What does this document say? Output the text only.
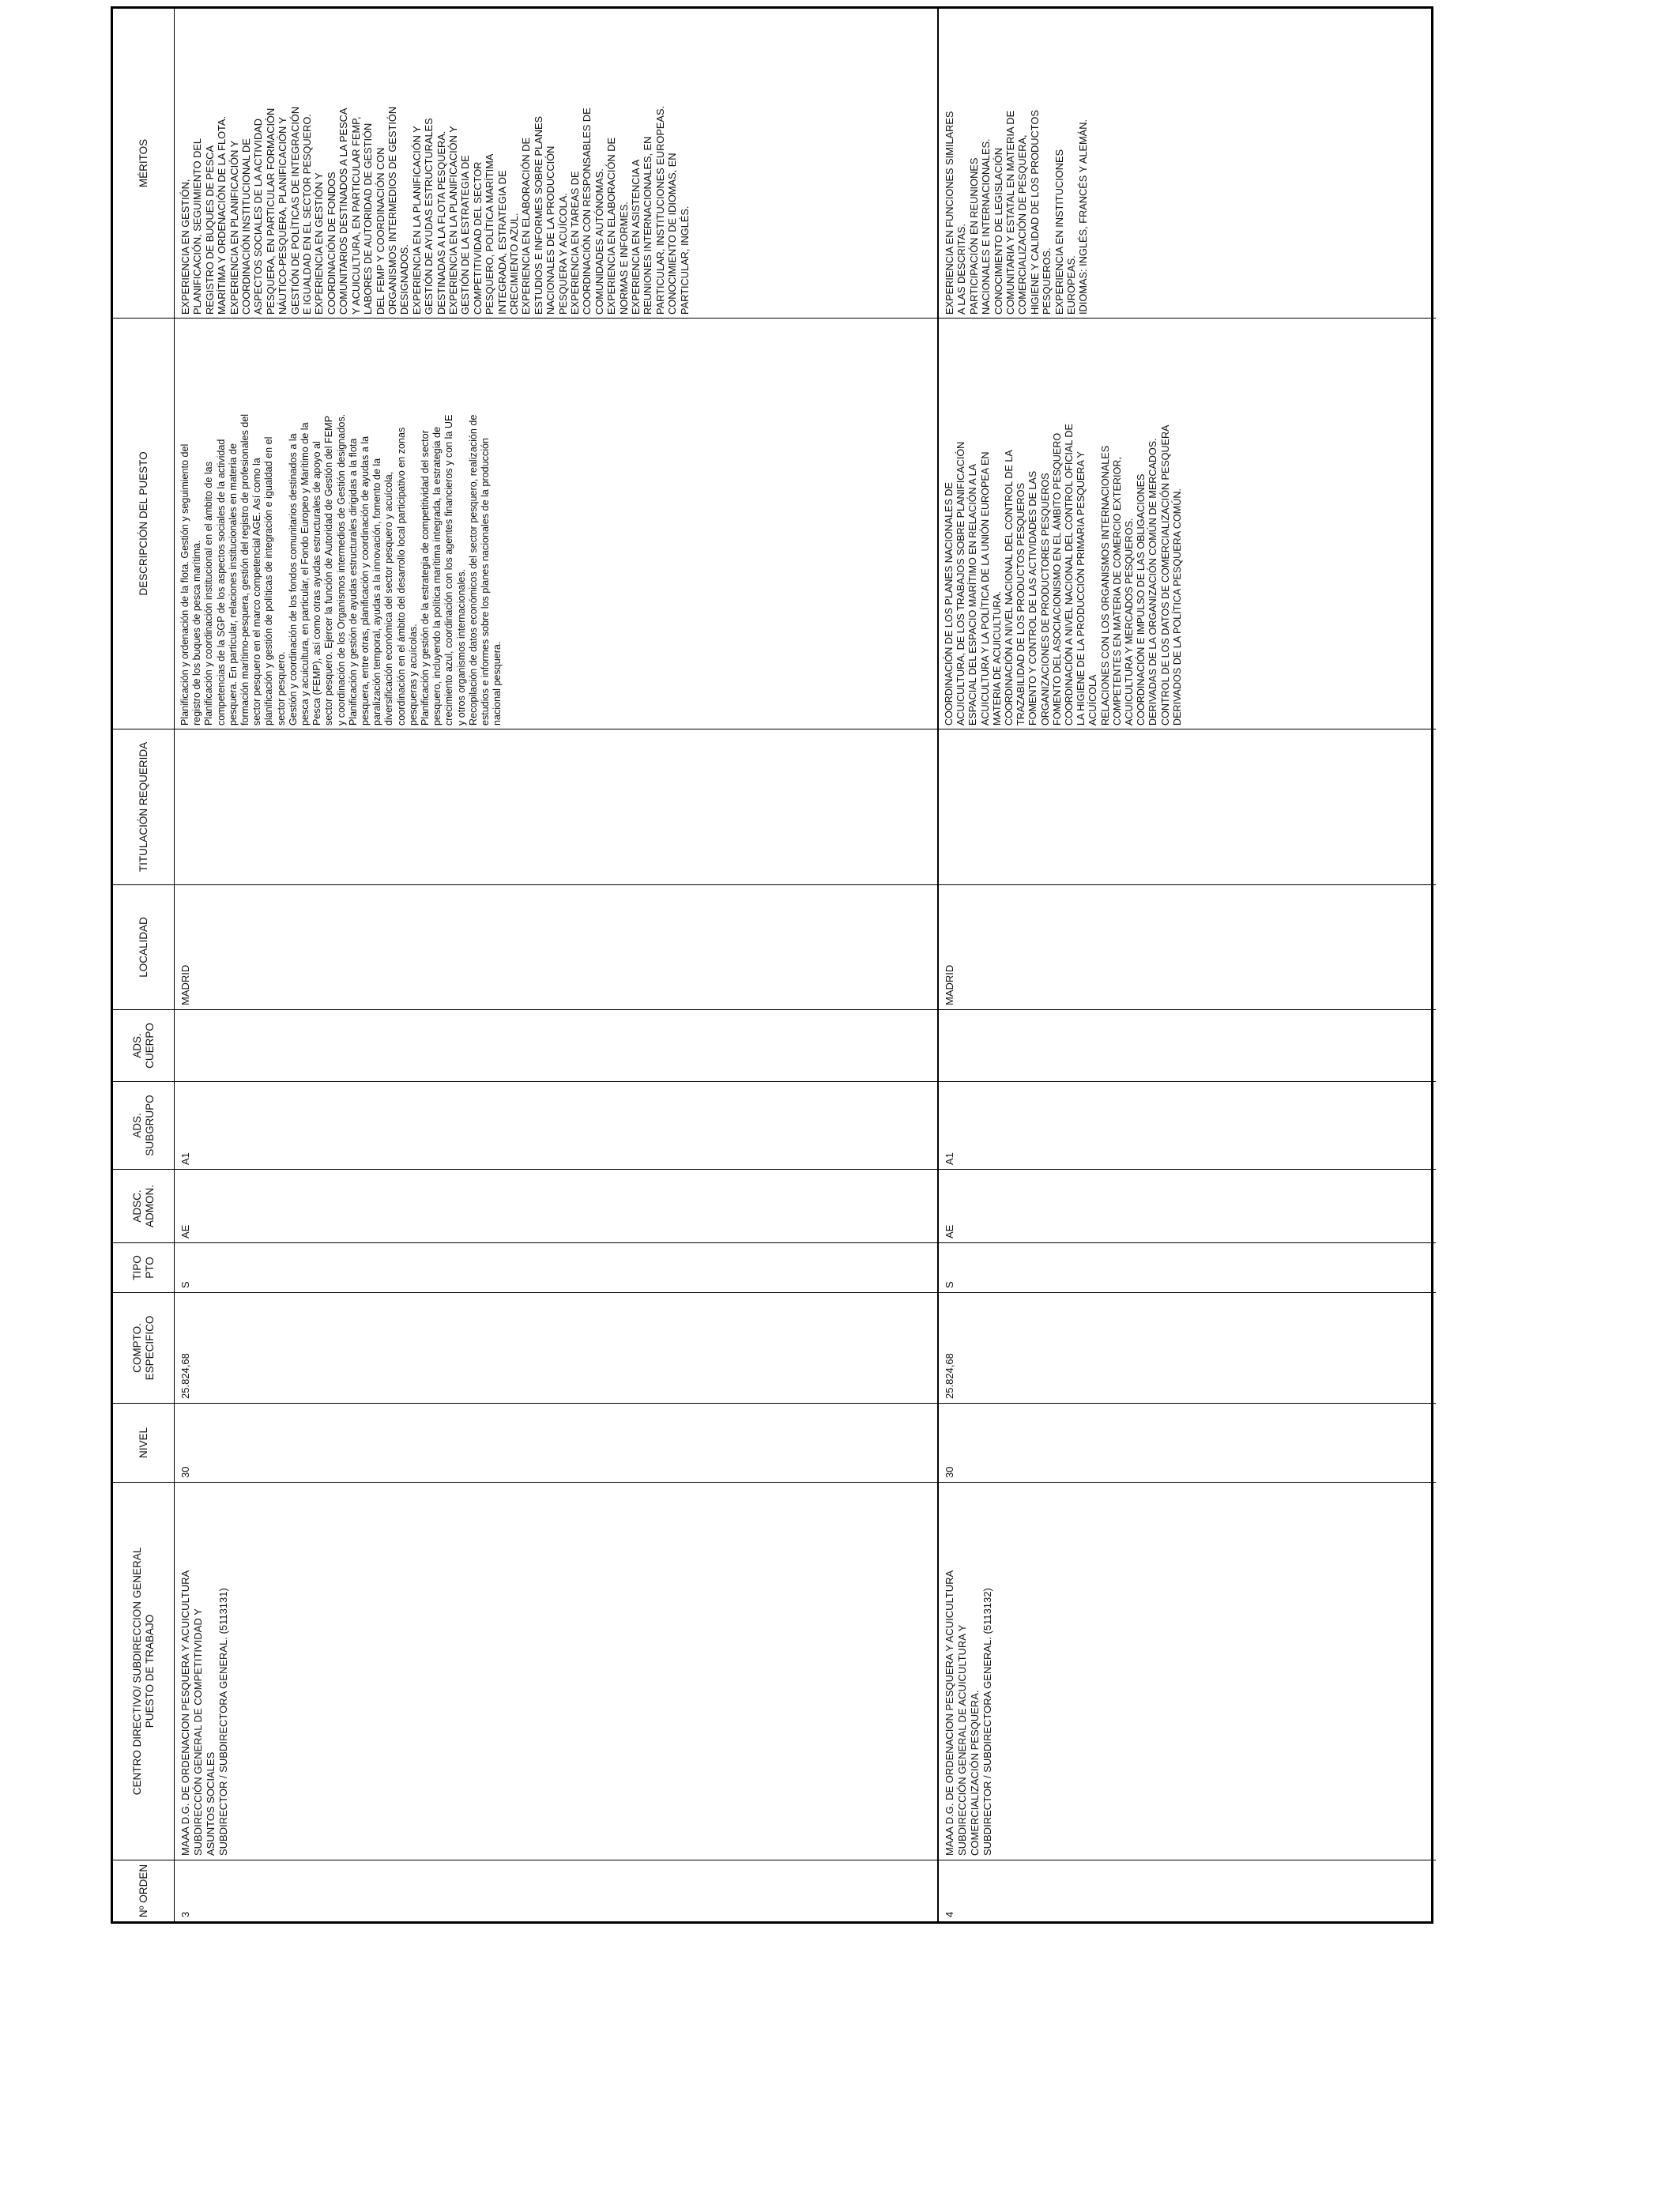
Nº ORDEN
CENTRO DIRECTIVO/ SUBDIRECCION GENERAL
PUESTO DE TRABAJO
NIVEL
COMPTO.
ESPECIFICO
TIPO
PTO
ADSC.
ADMON.
ADS.
SUBGRUPO
ADS.
CUERPO
LOCALIDAD
TITULACIÓN REQUERIDA
DESCRIPCIÓN DEL PUESTO
MÉRITOS
3
MAAA D.G. DE ORDENACION PESQUERA Y ACUICULTURA
SUBDIRECCIÓN GENERAL DE COMPETITIVIDAD Y
ASUNTOS SOCIALES
SUBDIRECTOR / SUBDIRECTORA GENERAL. (5113131)
30
25.824,68
S
AE
A1
MADRID
Planificación y ordenación de la flota. Gestión y seguimiento del
registro de los buques de pesca marítima.
Planificación y coordinación institucional en el ámbito de las
competencias de la SGP de los aspectos sociales de la actividad
pesquera. En particular, relaciones institucionales en materia de
formación marítimo-pesquera, gestión del registro de profesionales del
sector pesquero en el marco competencial AGE. Así como la
planificación y gestión de políticas de integración e igualdad en el
sector pesquero.
Gestión y coordinación de los fondos comunitarios destinados a la
pesca y acuicultura, en particular, el Fondo Europeo y Marítimo de la
Pesca (FEMP), así como otras ayudas estructurales de apoyo al
sector pesquero. Ejercer la función de Autoridad de Gestión del FEMP
y coordinación de los Organismos intermedios de Gestión designados.
Planificación y gestión de ayudas estructurales dirigidas a la flota
pesquera, entre otras, planificación y coordinación de ayudas a la
paralización temporal, ayudas a la innovación, fomento de la
diversificación económica del sector pesquero y acuícola,
coordinación en el ámbito del desarrollo local participativo en zonas
pesqueras y acuícolas.
Planificación y gestión de la estrategia de competitividad del sector
pesquero, incluyendo la política marítima integrada, la estrategia de
crecimiento azul, coordinación con los agentes financieros y con la UE
y otros organismos internacionales.
Recopilación de datos económicos del sector pesquero, realización de
estudios e informes sobre los planes nacionales de la producción
nacional pesquera.
EXPERIENCIA EN GESTIÓN,
PLANIFICACIÓN, SEGUIMIENTO DEL
REGISTRO DE BUQUES DE PESCA
MARÍTIMA Y ORDENACIÓN DE LA FLOTA.
EXPERIENCIA EN PLANIFICACIÓN Y
COORDINACIÓN INSTITUCIONAL DE
ASPECTOS SOCIALES DE LA ACTIVIDAD
PESQUERA, EN PARTICULAR FORMACIÓN
NÁUTICO-PESQUERA, PLANIFICACIÓN Y
GESTIÓN DE POLÍTICAS DE INTEGRACIÓN
E IGUALDAD EN EL SECTOR PESQUERO.
EXPERIENCIA EN GESTIÓN Y
COORDINACIÓN DE FONDOS
COMUNITARIOS DESTINADOS A LA PESCA
Y ACUICULTURA, EN PARTICULAR FEMP,
LABORES DE AUTORIDAD DE GESTIÓN
DEL FEMP Y COORDINACIÓN CON
ORGANISMOS INTERMEDIOS DE GESTIÓN
DESIGNADOS.
EXPERIENCIA EN LA PLANIFICACIÓN Y
GESTIÓN DE AYUDAS ESTRUCTURALES
DESTINADAS A LA FLOTA PESQUERA.
EXPERIENCIA EN LA PLANIFICACIÓN Y
GESTIÓN DE LA ESTRATEGIA DE
COMPETITIVIDAD DEL SECTOR
PESQUERO, POLÍTICA MARÍTIMA
INTEGRADA, ESTRATEGIA DE
CRECIMIENTO AZUL.
EXPERIENCIA EN ELABORACIÓN DE
ESTUDIOS E INFORMES SOBRE PLANES
NACIONALES DE LA PRODUCCIÓN
PESQUERA Y ACUÍCOLA.
EXPERIENCIA EN TAREAS DE
COORDINACIÓN CON RESPONSABLES DE
COMUNIDADES AUTÓNOMAS.
EXPERIENCIA EN ELABORACIÓN DE
NORMAS E INFORMES.
EXPERIENCIA EN ASISTENCIA A
REUNIONES INTERNACIONALES, EN
PARTICULAR, INSTITUCIONES EUROPEAS.
CONOCIMIENTO DE IDIOMAS, EN
PARTICULAR, INGLÉS.
4
MAAA D.G. DE ORDENACION PESQUERA Y ACUICULTURA
SUBDIRECCIÓN GENERAL DE ACUICULTURA Y
COMERCIALIZACIÓN PESQUERA.
SUBDIRECTOR / SUBDIRECTORA GENERAL. (5113132)
30
25.824,68
S
AE
A1
MADRID
COORDINACIÓN DE LOS PLANES NACIONALES DE
ACUICULTURA, DE LOS TRABAJOS SOBRE PLANIFICACIÓN
ESPACIAL DEL ESPACIO MARÍTIMO EN RELACIÓN A LA
ACUICULTURA Y LA POLÍTICA DE LA UNIÓN EUROPEA EN
MATERIA DE ACUICULTURA.
COORDINACIÓN A NIVEL NACIONAL DEL CONTROL DE LA
TRAZABILIDAD DE LOS PRODUCTOS PESQUEROS
FOMENTO Y CONTROL DE LAS ACTIVIDADES DE LAS
ORGANIZACIONES DE PRODUCTORES PESQUEROS
FOMENTO DEL ASOCIACIONISMO EN EL ÁMBITO PESQUERO
COORDINACIÓN A NIVEL NACIONAL DEL CONTROL OFICIAL DE
LA HIGIENE DE LA PRODUCCIÓN PRIMARIA PESQUERA Y
ACUÍCOLA
RELACIONES CON LOS ORGANISMOS INTERNACIONALES
COMPETENTES EN MATERIA DE COMERCIO EXTERIOR,
ACUICULTURA Y MERCADOS PESQUEROS.
COORDINACIÓN E IMPULSO DE LAS OBLIGACIONES
DERIVADAS DE LA ORGANIZACIÓN COMÚN DE MERCADOS.
CONTROL DE LOS DATOS DE COMERCIALIZACIÓN PESQUERA
DERIVADOS DE LA POLÍTICA PESQUERA COMÚN.
EXPERIENCIA EN FUNCIONES SIMILARES
A LAS DESCRITAS.
PARTICIPACIÓN EN REUNIONES
NACIONALES E INTERNACIONALES.
CONOCIMIENTO DE LEGISLACIÓN
COMUNITARIA Y ESTATAL EN MATERIA DE
COMERCIALIZACIÓN DE PESQUERA,
HIGIENE Y CALIDAD DE LOS PRODUCTOS
PESQUEROS.
EXPERIENCIA EN INSTITUCIONES
EUROPEAS.
IDIOMAS: INGLÉS, FRANCÉS Y ALEMÁN.
